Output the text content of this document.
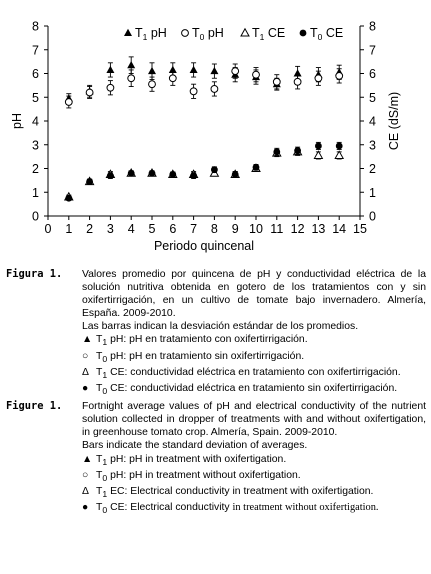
0 1 2 3 4 5 6 7 8 9 10 11 12 13 14 15
0
1
2
3
4
5
6
7
8
0
1
2
3
4
5
6
7
8
Periodo quincenal
pH	CE (dS/m)
$T_1$ pH $T_0$ pH $T_1$ CE $T_0$ CE
Figura 1.	Valores promedio por quincena de pH y conductividad eléctrica de la solución nutritiva obtenida en gotero de los tratamientos con y sin oxifertirrigación, en un cultivo de tomate bajo invernadero. Almería, España. 2009-2010.
Las barras indican la desviación estándar de los promedios.
▲ $T_1$ pH: pH en tratamiento con oxifertirrigación.
○ $T_0$ pH: pH en tratamiento sin oxifertirrigación.
Δ $T_1$ CE: conductividad eléctrica en tratamiento con oxifertirrigación.
● $T_0$ CE: conductividad eléctrica en tratamiento sin oxifertirrigación.
Figure 1.	Fortnight average values of pH and electrical conductivity of the nutrient solution collected in dropper of treatments with and without oxifertigation, in greenhouse tomato crop. Almería, Spain. 2009-2010.
Bars indicate the standard deviation of averages.
▲ $T_1$ pH: pH in treatment with oxifertigation.
○ $T_0$ pH: pH in treatment without oxifertigation.
Δ $T_1$ EC: Electrical conductivity in treatment with oxifertigation.
● $T_0$ CE: Electrical conductivity in treatment without oxifertigation.
